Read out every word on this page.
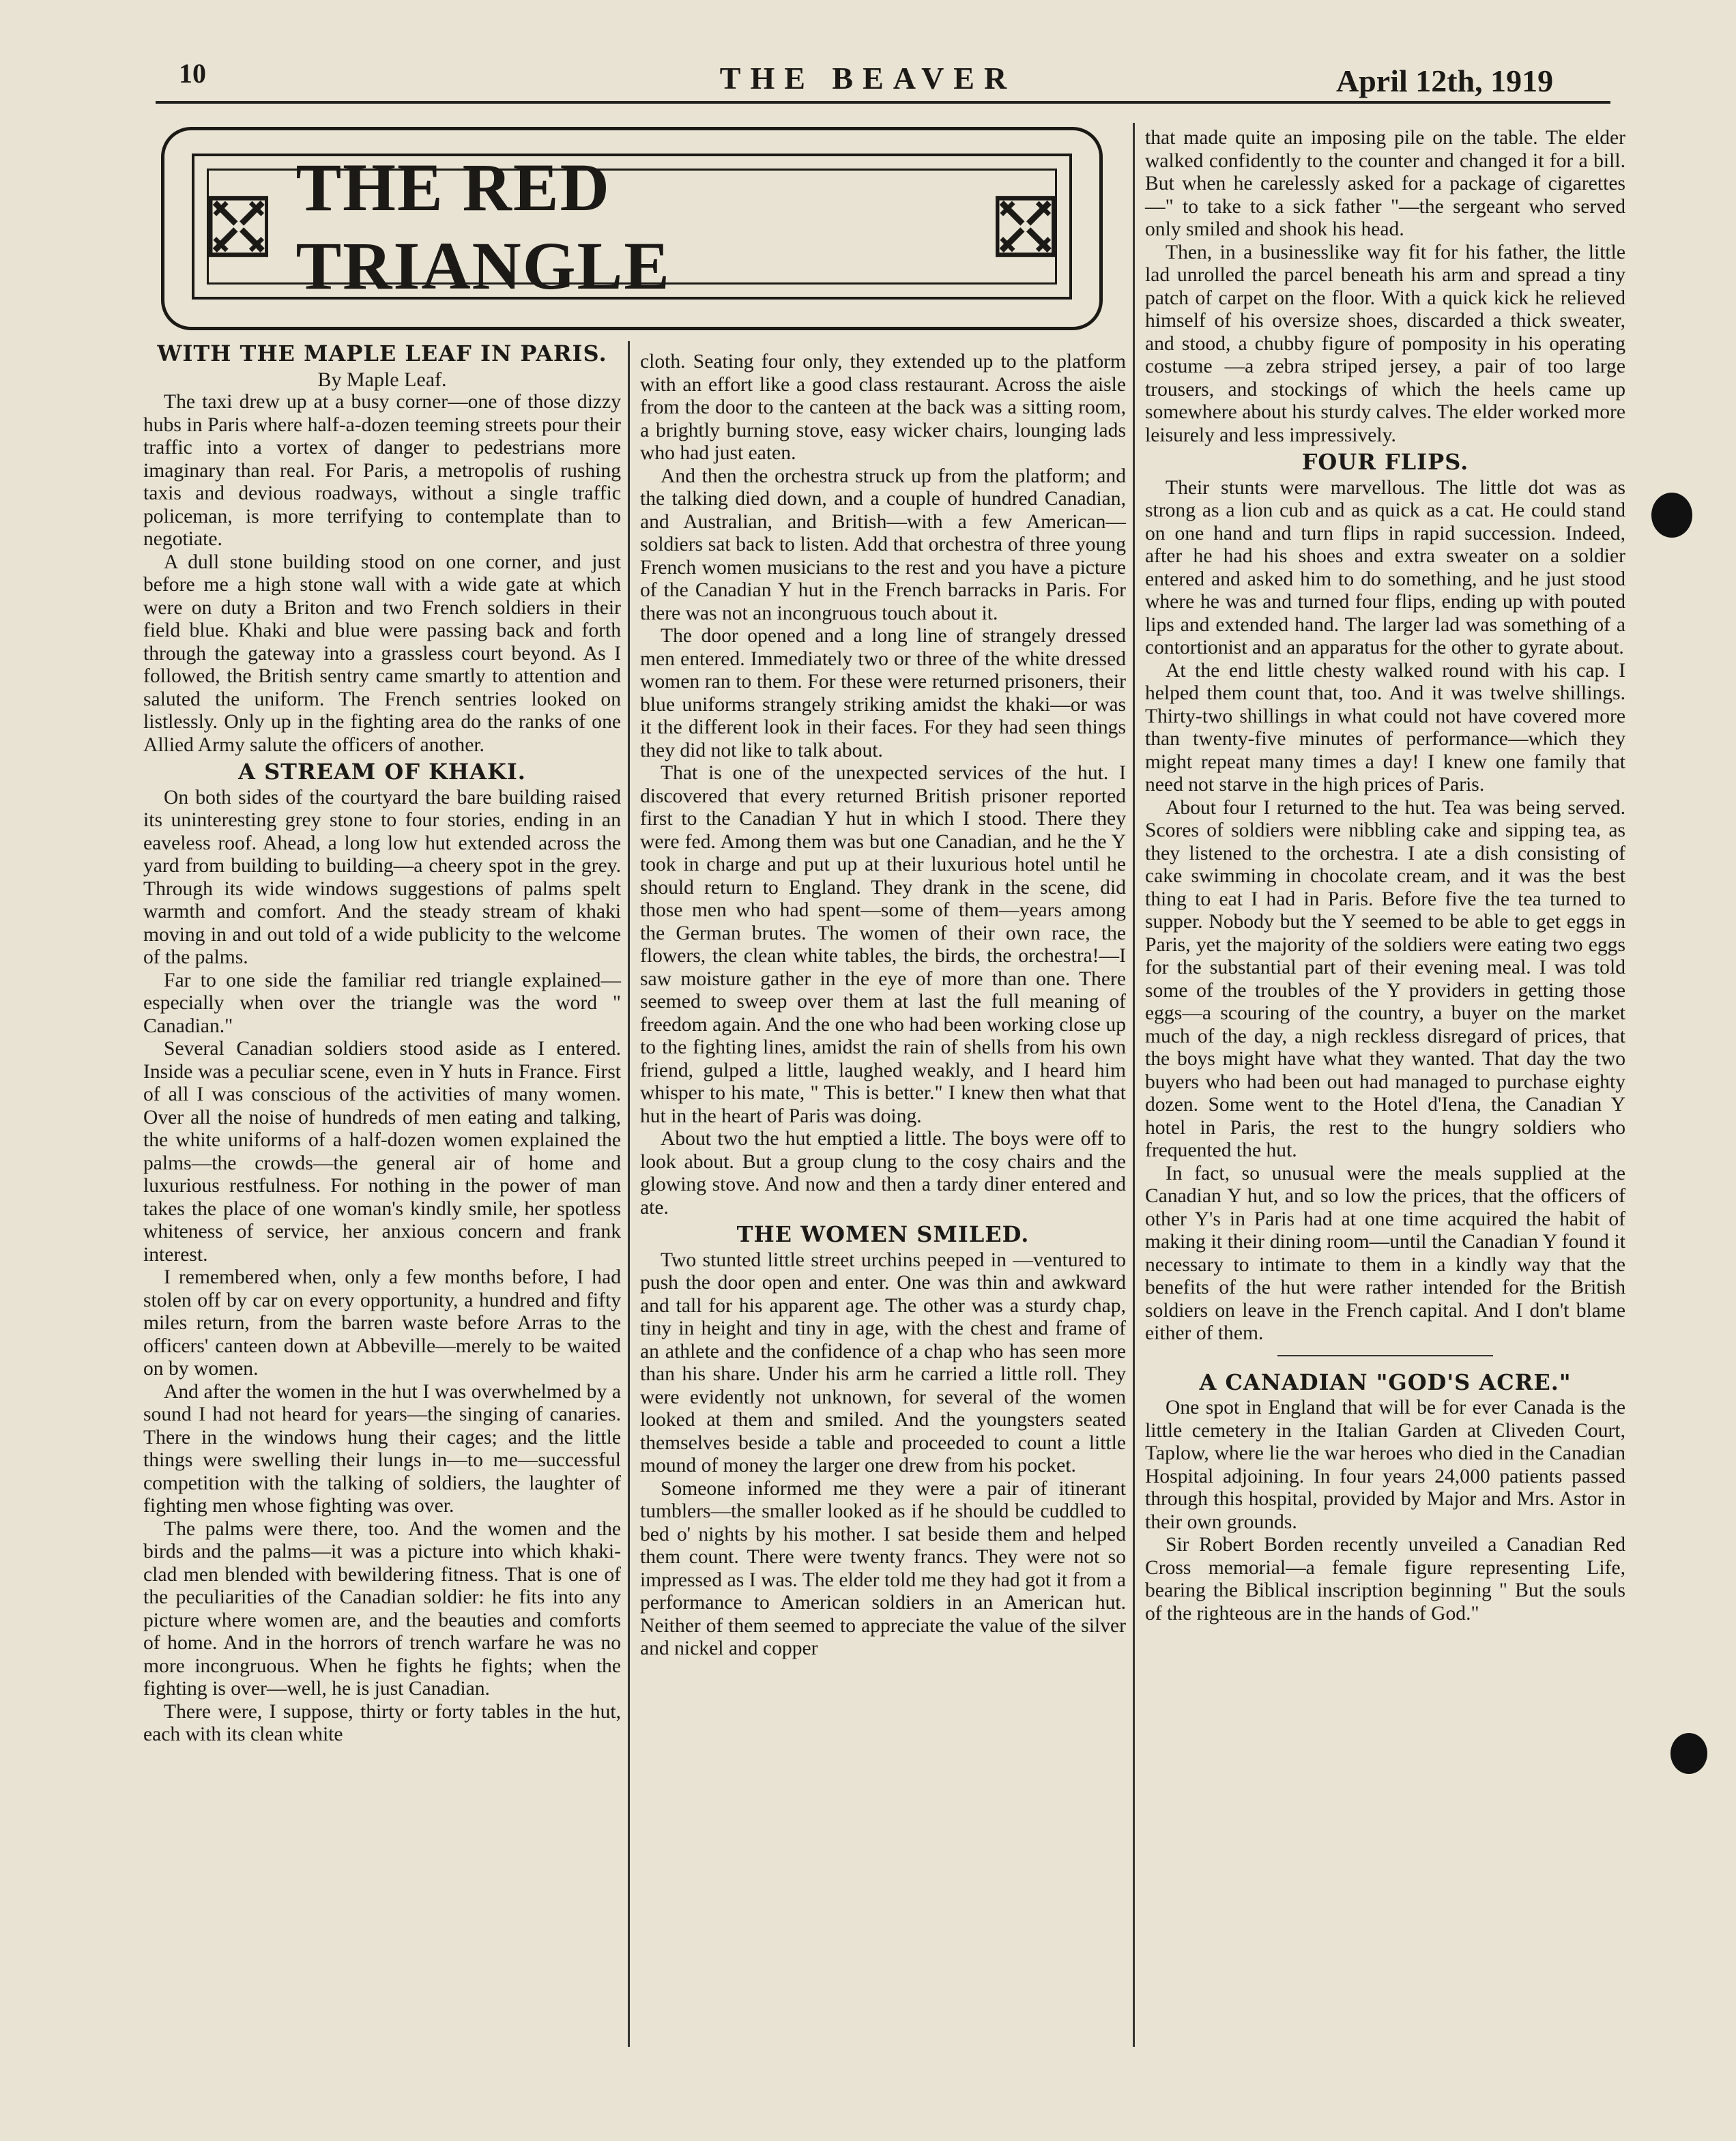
10	THE BEAVER	April 12th, 1919
THE RED TRIANGLE
WITH THE MAPLE LEAF IN PARIS.

By Maple Leaf.

The taxi drew up at a busy corner—one of those dizzy hubs in Paris where half-a-dozen teeming streets pour their traffic into a vortex of danger to pedestrians more imaginary than real. For Paris, a metropolis of rushing taxis and devious roadways, without a single traffic policeman, is more terrifying to contemplate than to negotiate.

A dull stone building stood on one corner, and just before me a high stone wall with a wide gate at which were on duty a Briton and two French soldiers in their field blue. Khaki and blue were passing back and forth through the gateway into a grassless court beyond. As I followed, the British sentry came smartly to attention and saluted the uniform. The French sentries looked on listlessly. Only up in the fighting area do the ranks of one Allied Army salute the officers of another.

A STREAM OF KHAKI.

On both sides of the courtyard the bare building raised its uninteresting grey stone to four stories, ending in an eaveless roof. Ahead, a long low hut extended across the yard from building to building—a cheery spot in the grey. Through its wide windows suggestions of palms spelt warmth and comfort. And the steady stream of khaki moving in and out told of a wide publicity to the welcome of the palms.

Far to one side the familiar red triangle explained—especially when over the triangle was the word " Canadian."

Several Canadian soldiers stood aside as I entered. Inside was a peculiar scene, even in Y huts in France. First of all I was conscious of the activities of many women. Over all the noise of hundreds of men eating and talking, the white uniforms of a half-dozen women explained the palms—the crowds—the general air of home and luxurious restfulness. For nothing in the power of man takes the place of one woman's kindly smile, her spotless whiteness of service, her anxious concern and frank interest.

I remembered when, only a few months before, I had stolen off by car on every opportunity, a hundred and fifty miles return, from the barren waste before Arras to the officers' canteen down at Abbeville—merely to be waited on by women.

And after the women in the hut I was overwhelmed by a sound I had not heard for years—the singing of canaries. There in the windows hung their cages; and the little things were swelling their lungs in—to me—successful competition with the talking of soldiers, the laughter of fighting men whose fighting was over.

The palms were there, too. And the women and the birds and the palms—it was a picture into which khaki-clad men blended with bewildering fitness. That is one of the peculiarities of the Canadian soldier: he fits into any picture where women are, and the beauties and comforts of home. And in the horrors of trench warfare he was no more incongruous. When he fights he fights; when the fighting is over—well, he is just Canadian.

There were, I suppose, thirty or forty tables in the hut, each with its clean white

cloth. Seating four only, they extended up to the platform with an effort like a good class restaurant. Across the aisle from the door to the canteen at the back was a sitting room, a brightly burning stove, easy wicker chairs, lounging lads who had just eaten.

And then the orchestra struck up from the platform; and the talking died down, and a couple of hundred Canadian, and Australian, and British—with a few American—soldiers sat back to listen. Add that orchestra of three young French women musicians to the rest and you have a picture of the Canadian Y hut in the French barracks in Paris. For there was not an incongruous touch about it.

The door opened and a long line of strangely dressed men entered. Immediately two or three of the white dressed women ran to them. For these were returned prisoners, their blue uniforms strangely striking amidst the khaki—or was it the different look in their faces. For they had seen things they did not like to talk about.

That is one of the unexpected services of the hut. I discovered that every returned British prisoner reported first to the Canadian Y hut in which I stood. There they were fed. Among them was but one Canadian, and he the Y took in charge and put up at their luxurious hotel until he should return to England. They drank in the scene, did those men who had spent—some of them—years among the German brutes. The women of their own race, the flowers, the clean white tables, the birds, the orchestra!—I saw moisture gather in the eye of more than one. There seemed to sweep over them at last the full meaning of freedom again. And the one who had been working close up to the fighting lines, amidst the rain of shells from his own friend, gulped a little, laughed weakly, and I heard him whisper to his mate, " This is better." I knew then what that hut in the heart of Paris was doing.

About two the hut emptied a little. The boys were off to look about. But a group clung to the cosy chairs and the glowing stove. And now and then a tardy diner entered and ate.

THE WOMEN SMILED.

Two stunted little street urchins peeped in —ventured to push the door open and enter. One was thin and awkward and tall for his apparent age. The other was a sturdy chap, tiny in height and tiny in age, with the chest and frame of an athlete and the confidence of a chap who has seen more than his share. Under his arm he carried a little roll. They were evidently not unknown, for several of the women looked at them and smiled. And the youngsters seated themselves beside a table and proceeded to count a little mound of money the larger one drew from his pocket.

Someone informed me they were a pair of itinerant tumblers—the smaller looked as if he should be cuddled to bed o' nights by his mother. I sat beside them and helped them count. There were twenty francs. They were not so impressed as I was. The elder told me they had got it from a performance to American soldiers in an American hut. Neither of them seemed to appreciate the value of the silver and nickel and copper

that made quite an imposing pile on the table. The elder walked confidently to the counter and changed it for a bill. But when he carelessly asked for a package of cigarettes—" to take to a sick father "—the sergeant who served only smiled and shook his head.

Then, in a businesslike way fit for his father, the little lad unrolled the parcel beneath his arm and spread a tiny patch of carpet on the floor. With a quick kick he relieved himself of his oversize shoes, discarded a thick sweater, and stood, a chubby figure of pomposity in his operating costume —a zebra striped jersey, a pair of too large trousers, and stockings of which the heels came up somewhere about his sturdy calves. The elder worked more leisurely and less impressively.

FOUR FLIPS.

Their stunts were marvellous. The little dot was as strong as a lion cub and as quick as a cat. He could stand on one hand and turn flips in rapid succession. Indeed, after he had his shoes and extra sweater on a soldier entered and asked him to do something, and he just stood where he was and turned four flips, ending up with pouted lips and extended hand. The larger lad was something of a contortionist and an apparatus for the other to gyrate about.

At the end little chesty walked round with his cap. I helped them count that, too. And it was twelve shillings. Thirty-two shillings in what could not have covered more than twenty-five minutes of performance—which they might repeat many times a day! I knew one family that need not starve in the high prices of Paris.

About four I returned to the hut. Tea was being served. Scores of soldiers were nibbling cake and sipping tea, as they listened to the orchestra. I ate a dish consisting of cake swimming in chocolate cream, and it was the best thing to eat I had in Paris. Before five the tea turned to supper. Nobody but the Y seemed to be able to get eggs in Paris, yet the majority of the soldiers were eating two eggs for the substantial part of their evening meal. I was told some of the troubles of the Y providers in getting those eggs—a scouring of the country, a buyer on the market much of the day, a nigh reckless disregard of prices, that the boys might have what they wanted. That day the two buyers who had been out had managed to purchase eighty dozen. Some went to the Hotel d'Iena, the Canadian Y hotel in Paris, the rest to the hungry soldiers who frequented the hut.

In fact, so unusual were the meals supplied at the Canadian Y hut, and so low the prices, that the officers of other Y's in Paris had at one time acquired the habit of making it their dining room—until the Canadian Y found it necessary to intimate to them in a kindly way that the benefits of the hut were rather intended for the British soldiers on leave in the French capital. And I don't blame either of them.

A CANADIAN "GOD'S ACRE."

One spot in England that will be for ever Canada is the little cemetery in the Italian Garden at Cliveden Court, Taplow, where lie the war heroes who died in the Canadian Hospital adjoining. In four years 24,000 patients passed through this hospital, provided by Major and Mrs. Astor in their own grounds.

Sir Robert Borden recently unveiled a Canadian Red Cross memorial—a female figure representing Life, bearing the Biblical inscription beginning " But the souls of the righteous are in the hands of God."
